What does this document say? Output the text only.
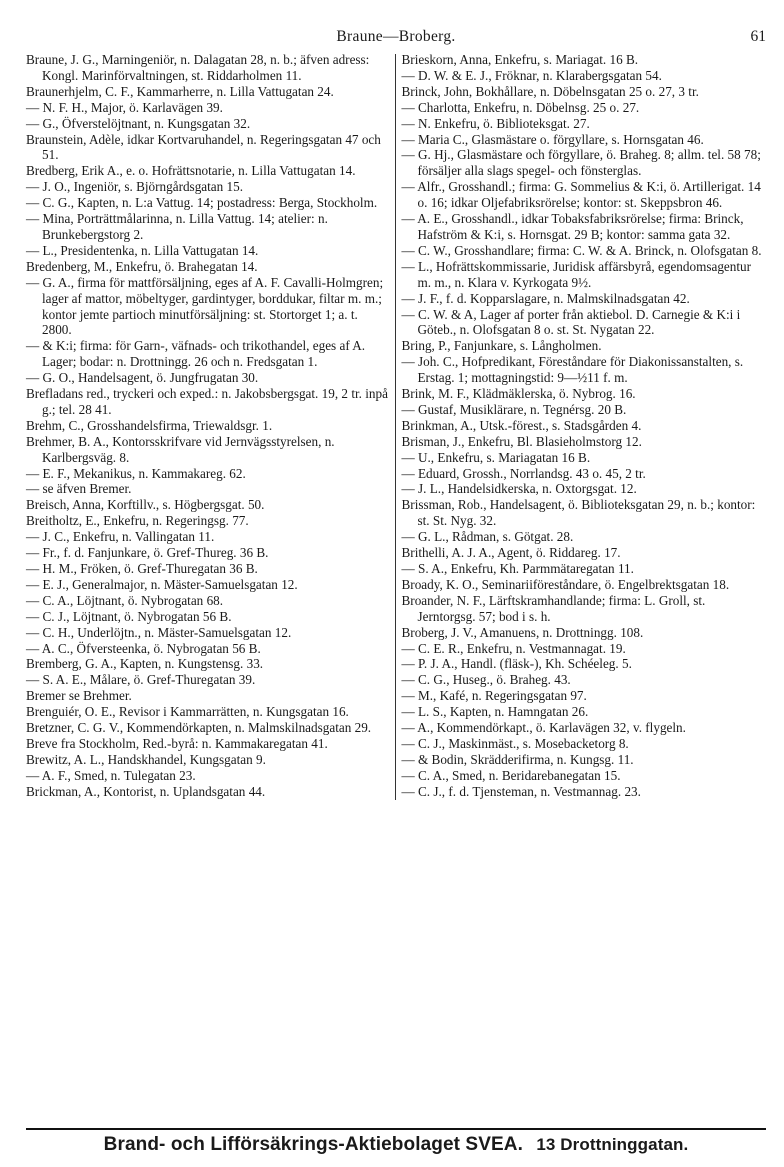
Braune—Broberg.	61
Braune, J. G., Marningeniör, n. Dalagatan 28, n. b.; äfven adress: Kongl. Marinförvaltningen, st. Riddarholmen 11.
Braunerhjelm, C. F., Kammarherre, n. Lilla Vattugatan 24.
— N. F. H., Major, ö. Karlavägen 39.
— G., Öfverstelöjtnant, n. Kungsgatan 32.
Braunstein, Adèle, idkar Kortvaruhandel, n. Regeringsgatan 47 och 51.
Bredberg, Erik A., e. o. Hofrättsnotarie, n. Lilla Vattugatan 14.
— J. O., Ingeniör, s. Björngårdsgatan 15.
— C. G., Kapten, n. L:a Vattug. 14; postadress: Berga, Stockholm.
— Mina, Porträttmålarinna, n. Lilla Vattug. 14; atelier: n. Brunkebergstorg 2.
— L., Presidentenka, n. Lilla Vattugatan 14.
Bredenberg, M., Enkefru, ö. Brahegatan 14.
— G. A., firma för mattförsäljning, eges af A. F. Cavalli-Holmgren; lager af mattor, möbeltyger, gardintyger, borddukar, filtar m. m.; kontor jemte partioch minutförsäljning: st. Stortorget 1; a. t. 2800.
— & K:i; firma: för Garn-, väfnads- och trikothandel, eges af A. Lager; bodar: n. Drottningg. 26 och n. Fredsgatan 1.
— G. O., Handelsagent, ö. Jungfrugatan 30.
Brefladans red., tryckeri och exped.: n. Jakobsbergsgat. 19, 2 tr. inpå g.; tel. 28 41.
Brehm, C., Grosshandelsfirma, Triewaldsgr. 1.
Brehmer, B. A., Kontorsskrifvare vid Jernvägsstyrelsen, n. Karlbergsväg. 8.
— E. F., Mekanikus, n. Kammakareg. 62.
— se äfven Bremer.
Breisch, Anna, Korftillv., s. Högbergsgat. 50.
Breitholtz, E., Enkefru, n. Regeringsg. 77.
— J. C., Enkefru, n. Vallingatan 11.
— Fr., f. d. Fanjunkare, ö. Gref-Thureg. 36 B.
— H. M., Fröken, ö. Gref-Thuregatan 36 B.
— E. J., Generalmajor, n. Mäster-Samuelsgatan 12.
— C. A., Löjtnant, ö. Nybrogatan 68.
— C. J., Löjtnant, ö. Nybrogatan 56 B.
— C. H., Underlöjtn., n. Mäster-Samuelsgatan 12.
— A. C., Öfversteenka, ö. Nybrogatan 56 B.
Bremberg, G. A., Kapten, n. Kungstensg. 33.
— S. A. E., Målare, ö. Gref-Thuregatan 39.
Bremer se Brehmer.
Brenguiér, O. E., Revisor i Kammarrätten, n. Kungsgatan 16.
Bretzner, C. G. V., Kommendörkapten, n. Malmskilnadsgatan 29.
Breve fra Stockholm, Red.-byrå: n. Kammakaregatan 41.
Brewitz, A. L., Handskhandel, Kungsgatan 9.
— A. F., Smed, n. Tulegatan 23.
Brickman, A., Kontorist, n. Uplandsgatan 44.
Brieskorn, Anna, Enkefru, s. Mariagat. 16 B.
— D. W. & E. J., Fröknar, n. Klarabergsgatan 54.
Brinck, John, Bokhållare, n. Döbelnsgatan 25 o. 27, 3 tr.
— Charlotta, Enkefru, n. Döbelnsg. 25 o. 27.
— N. Enkefru, ö. Biblioteksgat. 27.
— Maria C., Glasmästare o. förgyllare, s. Hornsgatan 46.
— G. Hj., Glasmästare och förgyllare, ö. Braheg. 8; allm. tel. 58 78; försäljer alla slags spegel- och fönsterglas.
— Alfr., Grosshandl.; firma: G. Sommelius & K:i, ö. Artillerigat. 14 o. 16; idkar Oljefabriksrörelse; kontor: st. Skeppsbron 46.
— A. E., Grosshandl., idkar Tobaksfabriksrörelse; firma: Brinck, Hafström & K:i, s. Hornsgat. 29 B; kontor: samma gata 32.
— C. W., Grosshandlare; firma: C. W. & A. Brinck, n. Olofsgatan 8.
— L., Hofrättskommissarie, Juridisk affärsbyrå, egendomsagentur m. m., n. Klara v. Kyrkogata 9½.
— J. F., f. d. Kopparslagare, n. Malmskilnadsgatan 42.
— C. W. & A, Lager af porter från aktiebol. D. Carnegie & K:i i Göteb., n. Olofsgatan 8 o. st. St. Nygatan 22.
Bring, P., Fanjunkare, s. Långholmen.
— Joh. C., Hofpredikant, Föreståndare för Diakonissanstalten, s. Erstag. 1; mottagningstid: 9—½11 f. m.
Brink, M. F., Klädmäklerska, ö. Nybrog. 16.
— Gustaf, Musiklärare, n. Tegnérsg. 20 B.
Brinkman, A., Utsk.-förest., s. Stadsgården 4.
Brisman, J., Enkefru, Bl. Blasieholmstorg 12.
— U., Enkefru, s. Mariagatan 16 B.
— Eduard, Grossh., Norrlandsg. 43 o. 45, 2 tr.
— J. L., Handelsidkerska, n. Oxtorgsgat. 12.
Brissman, Rob., Handelsagent, ö. Biblioteksgatan 29, n. b.; kontor: st. St. Nyg. 32.
— G. L., Rådman, s. Götgat. 28.
Brithelli, A. J. A., Agent, ö. Riddareg. 17.
— S. A., Enkefru, Kh. Parmmätaregatan 11.
Broady, K. O., Seminariiföreståndare, ö. Engelbrektsgatan 18.
Broander, N. F., Lärftskramhandlande; firma: L. Groll, st. Jerntorgsg. 57; bod i s. h.
Broberg, J. V., Amanuens, n. Drottningg. 108.
— C. E. R., Enkefru, n. Vestmannagat. 19.
— P. J. A., Handl. (fläsk-), Kh. Schéeleg. 5.
— C. G., Huseg., ö. Braheg. 43.
— M., Kafé, n. Regeringsgatan 97.
— L. S., Kapten, n. Hamngatan 26.
— A., Kommendörkapt., ö. Karlavägen 32, v. flygeln.
— C. J., Maskinmäst., s. Mosebacketorg 8.
— & Bodin, Skrädderifirma, n. Kungsg. 11.
— C. A., Smed, n. Beridarebanegatan 15.
— C. J., f. d. Tjensteman, n. Vestmannag. 23.
Brand- och Lifförsäkrings-Aktiebolaget SVEA. 13 Drottninggatan.
